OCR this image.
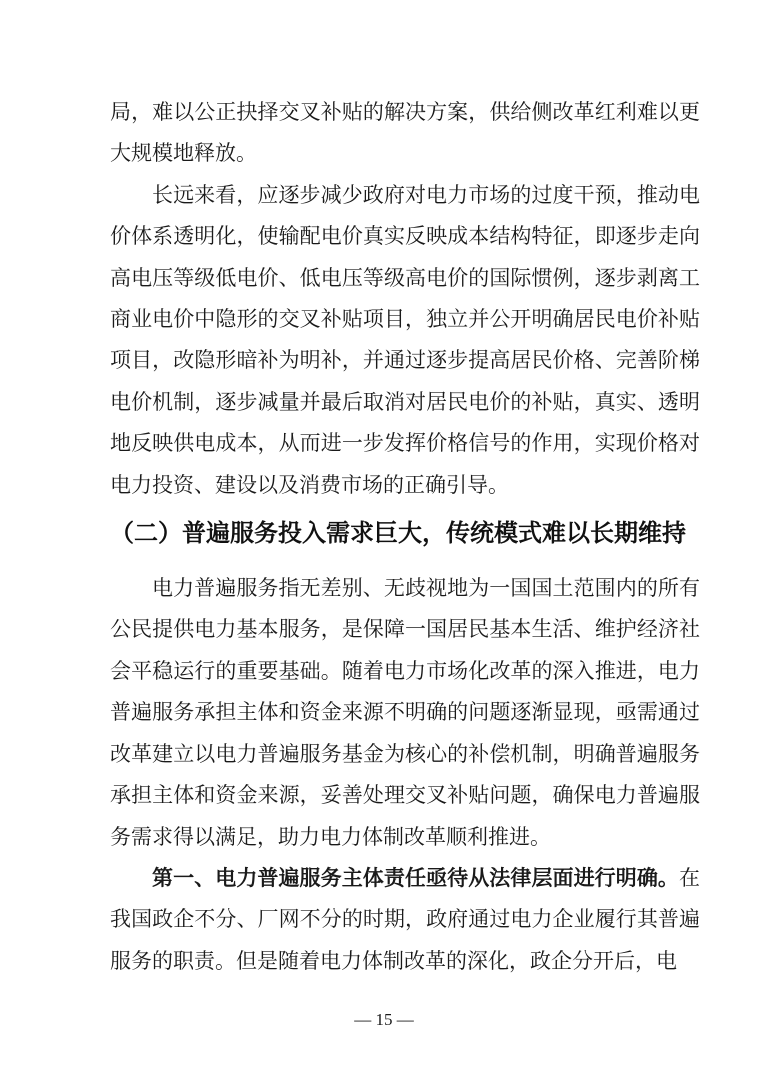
局，难以公正抉择交叉补贴的解决方案，供给侧改革红利难以更大规模地释放。

长远来看，应逐步减少政府对电力市场的过度干预，推动电价体系透明化，使输配电价真实反映成本结构特征，即逐步走向高电压等级低电价、低电压等级高电价的国际惯例，逐步剥离工商业电价中隐形的交叉补贴项目，独立并公开明确居民电价补贴项目，改隐形暗补为明补，并通过逐步提高居民价格、完善阶梯电价机制，逐步减量并最后取消对居民电价的补贴，真实、透明地反映供电成本，从而进一步发挥价格信号的作用，实现价格对电力投资、建设以及消费市场的正确引导。

（二）普遍服务投入需求巨大，传统模式难以长期维持

电力普遍服务指无差别、无歧视地为一国国土范围内的所有公民提供电力基本服务，是保障一国居民基本生活、维护经济社会平稳运行的重要基础。随着电力市场化改革的深入推进，电力普遍服务承担主体和资金来源不明确的问题逐渐显现，亟需通过改革建立以电力普遍服务基金为核心的补偿机制，明确普遍服务承担主体和资金来源，妥善处理交叉补贴问题，确保电力普遍服务需求得以满足，助力电力体制改革顺利推进。

第一、电力普遍服务主体责任亟待从法律层面进行明确。在我国政企不分、厂网不分的时期，政府通过电力企业履行其普遍服务的职责。但是随着电力体制改革的深化，政企分开后，电

— 15 —
